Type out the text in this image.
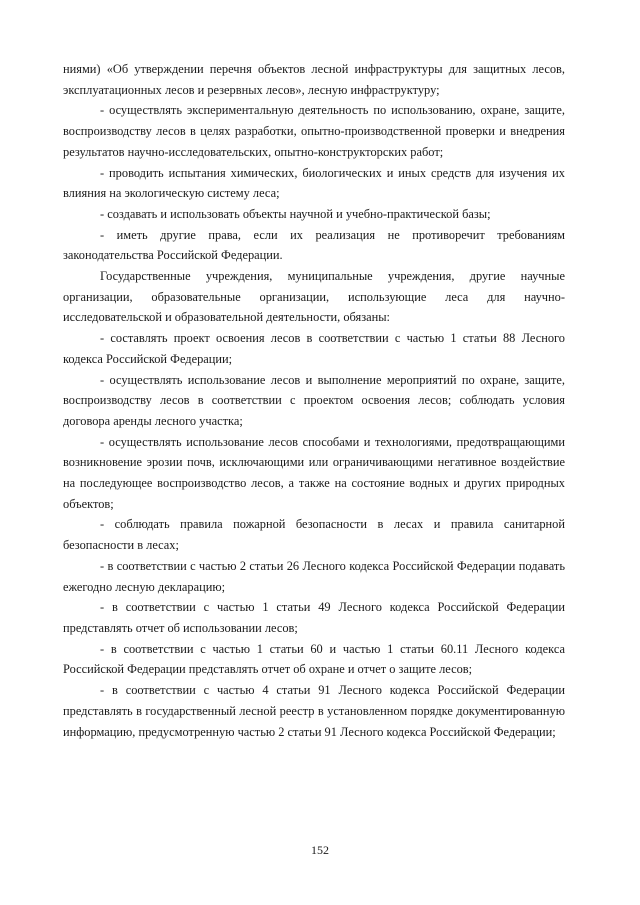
ниями) «Об утверждении перечня объектов лесной инфраструктуры для защитных лесов, эксплуатационных лесов и резервных лесов», лесную инфраструктуру;

- осуществлять экспериментальную деятельность по использованию, охране, защите, воспроизводству лесов в целях разработки, опытно-производственной проверки и внедрения результатов научно-исследовательских, опытно-конструкторских работ;

- проводить испытания химических, биологических и иных средств для изучения их влияния на экологическую систему леса;

- создавать и использовать объекты научной и учебно-практической базы;

- иметь другие права, если их реализация не противоречит требованиям законодательства Российской Федерации.

Государственные учреждения, муниципальные учреждения, другие научные организации, образовательные организации, использующие леса для научно-исследовательской и образовательной деятельности, обязаны:

- составлять проект освоения лесов в соответствии с частью 1 статьи 88 Лесного кодекса Российской Федерации;

- осуществлять использование лесов и выполнение мероприятий по охране, защите, воспроизводству лесов в соответствии с проектом освоения лесов; соблюдать условия договора аренды лесного участка;

- осуществлять использование лесов способами и технологиями, предотвращающими возникновение эрозии почв, исключающими или ограничивающими негативное воздействие на последующее воспроизводство лесов, а также на состояние водных и других природных объектов;

- соблюдать правила пожарной безопасности в лесах и правила санитарной безопасности в лесах;

- в соответствии с частью 2 статьи 26 Лесного кодекса Российской Федерации подавать ежегодно лесную декларацию;

- в соответствии с частью 1 статьи 49 Лесного кодекса Российской Федерации представлять отчет об использовании лесов;

- в соответствии с частью 1 статьи 60 и частью 1 статьи 60.11 Лесного кодекса Российской Федерации представлять отчет об охране и отчет о защите лесов;

- в соответствии с частью 4 статьи 91 Лесного кодекса Российской Федерации представлять в государственный лесной реестр в установленном порядке документированную информацию, предусмотренную частью 2 статьи 91 Лесного кодекса Российской Федерации;

152
